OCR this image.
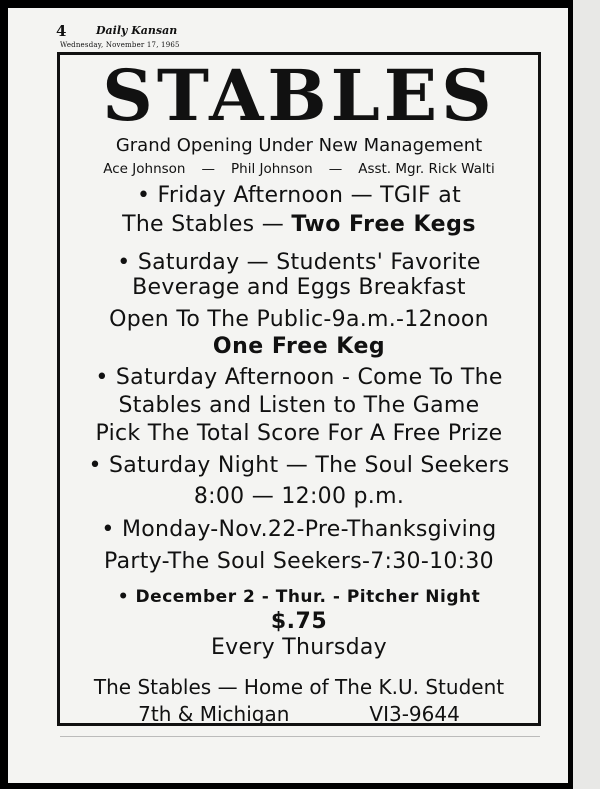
4	Daily Kansan
Wednesday, November 17, 1965
STABLES
Grand Opening Under New Management
Ace Johnson — Phil Johnson — Asst. Mgr. Rick Walti
• Friday Afternoon — TGIF at
The Stables — Two Free Kegs
• Saturday — Students' Favorite
Beverage and Eggs Breakfast
Open To The Public-9a.m.-12noon
One Free Keg
• Saturday Afternoon - Come To The
Stables and Listen to The Game
Pick The Total Score For A Free Prize
• Saturday Night — The Soul Seekers
8:00 — 12:00 p.m.
• Monday-Nov.22-Pre-Thanksgiving
Party-The Soul Seekers-7:30-10:30
• December 2 - Thur. - Pitcher Night
$.75
Every Thursday
The Stables — Home of The K.U. Student
7th & Michigan	VI3-9644
